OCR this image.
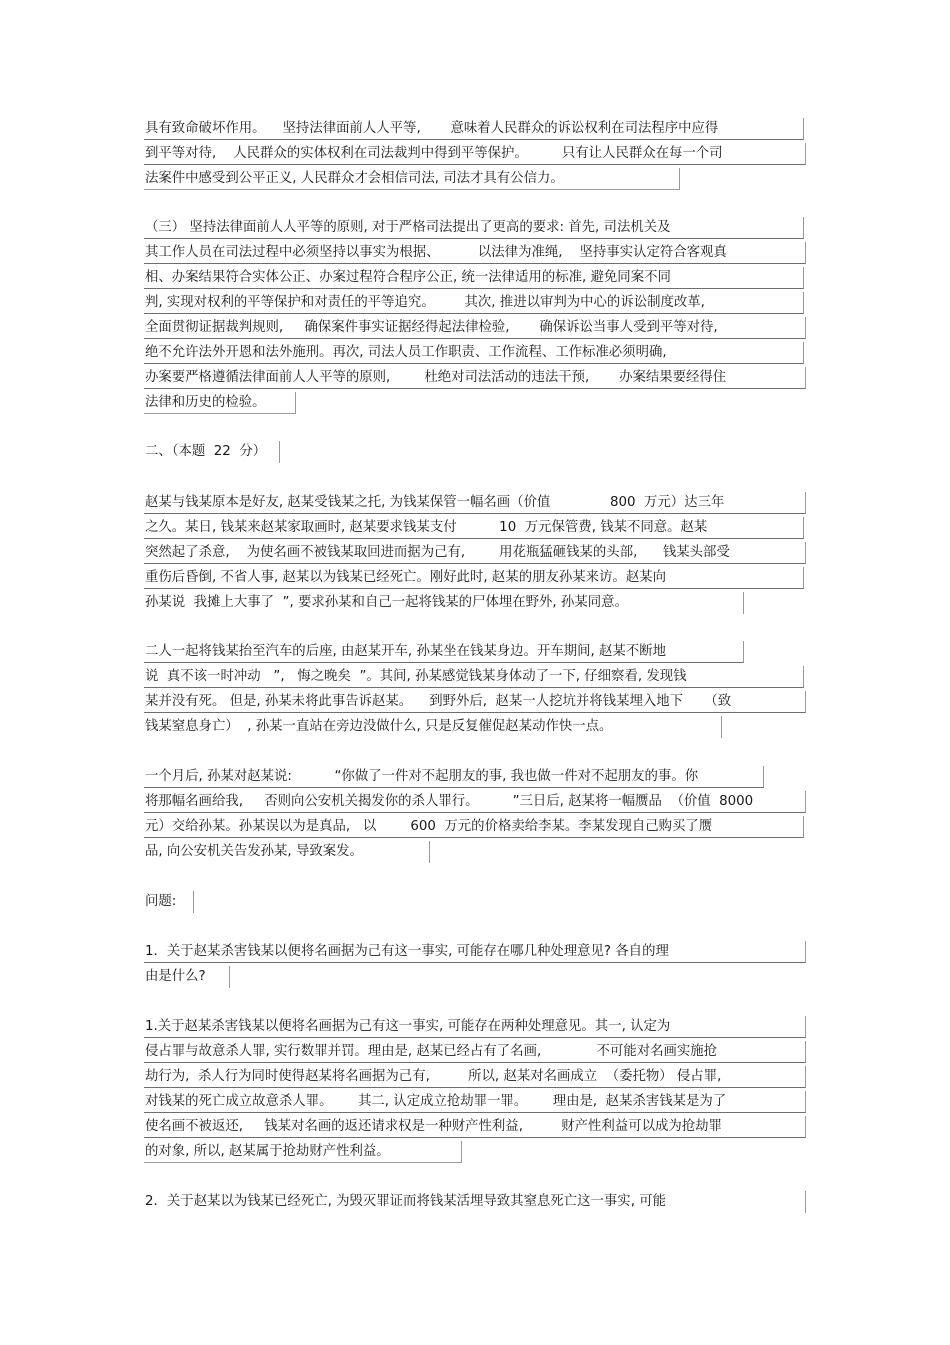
具有致命破坏作用。    坚持法律面前人人平等,       意味着人民群众的诉讼权利在司法程序中应得
到平等对待,    人民群众的实体权利在司法裁判中得到平等保护。        只有让人民群众在每一个司
法案件中感受到公平正义, 人民群众才会相信司法, 司法才具有公信力。
（三） 坚持法律面前人人平等的原则, 对于严格司法提出了更高的要求: 首先, 司法机关及
其工作人员在司法过程中必须坚持以事实为根据、         以法律为准绳,    坚持事实认定符合客观真
相、办案结果符合实体公正、办案过程符合程序公正, 统一法律适用的标准, 避免同案不同
判, 实现对权利的平等保护和对责任的平等追究。       其次, 推进以审判为中心的诉讼制度改革,
全面贯彻证据裁判规则,     确保案件事实证据经得起法律检验,       确保诉讼当事人受到平等对待,
绝不允许法外开恩和法外施刑。再次, 司法人员工作职责、工作流程、工作标准必须明确,
办案要严格遵循法律面前人人平等的原则,        杜绝对司法活动的违法干预,       办案结果要经得住
法律和历史的检验。
二、（本题  22  分）
赵某与钱某原本是好友, 赵某受钱某之托, 为钱某保管一幅名画（价值              800  万元）达三年
之久。某日, 钱某来赵某家取画时, 赵某要求钱某支付          10  万元保管费, 钱某不同意。赵某
突然起了杀意,    为使名画不被钱某取回进而据为己有,        用花瓶猛砸钱某的头部,      钱某头部受
重伤后昏倒, 不省人事, 赵某以为钱某已经死亡。刚好此时, 赵某的朋友孙某来访。赵某向
孙某说  我摊上大事了  ”, 要求孙某和自己一起将钱某的尸体埋在野外, 孙某同意。
二人一起将钱某抬至汽车的后座, 由赵某开车, 孙某坐在钱某身边。开车期间, 赵某不断地
说  真不该一时冲动   ”,   悔之晚矣  ”。其间, 孙某感觉钱某身体动了一下, 仔细察看, 发现钱
某并没有死。 但是, 孙某未将此事告诉赵某。    到野外后,  赵某一人挖坑并将钱某埋入地下     （致
钱某窒息身亡）  , 孙某一直站在旁边没做什么, 只是反复催促赵某动作快一点。
一个月后, 孙某对赵某说:          “你做了一件对不起朋友的事, 我也做一件对不起朋友的事。你
将那幅名画给我,     否则向公安机关揭发你的杀人罪行。        ”三日后, 赵某将一幅赝品  （价值  8000
元）交给孙某。孙某误以为是真品,   以        600  万元的价格卖给李某。李某发现自己购买了赝
品, 向公安机关告发孙某, 导致案发。
问题:
1．关于赵某杀害钱某以便将名画据为己有这一事实, 可能存在哪几种处理意见? 各自的理
由是什么?
1.关于赵某杀害钱某以便将名画据为己有这一事实, 可能存在两种处理意见。其一, 认定为
侵占罪与故意杀人罪, 实行数罪并罚。理由是, 赵某已经占有了名画,             不可能对名画实施抢
劫行为,  杀人行为同时使得赵某将名画据为己有,         所以, 赵某对名画成立  （委托物） 侵占罪,
对钱某的死亡成立故意杀人罪。      其二, 认定成立抢劫罪一罪。      理由是,  赵某杀害钱某是为了
使名画不被返还,     钱某对名画的返还请求权是一种财产性利益,         财产性利益可以成为抢劫罪
的对象, 所以, 赵某属于抢劫财产性利益。
2．关于赵某以为钱某已经死亡, 为毁灭罪证而将钱某活埋导致其窒息死亡这一事实, 可能
